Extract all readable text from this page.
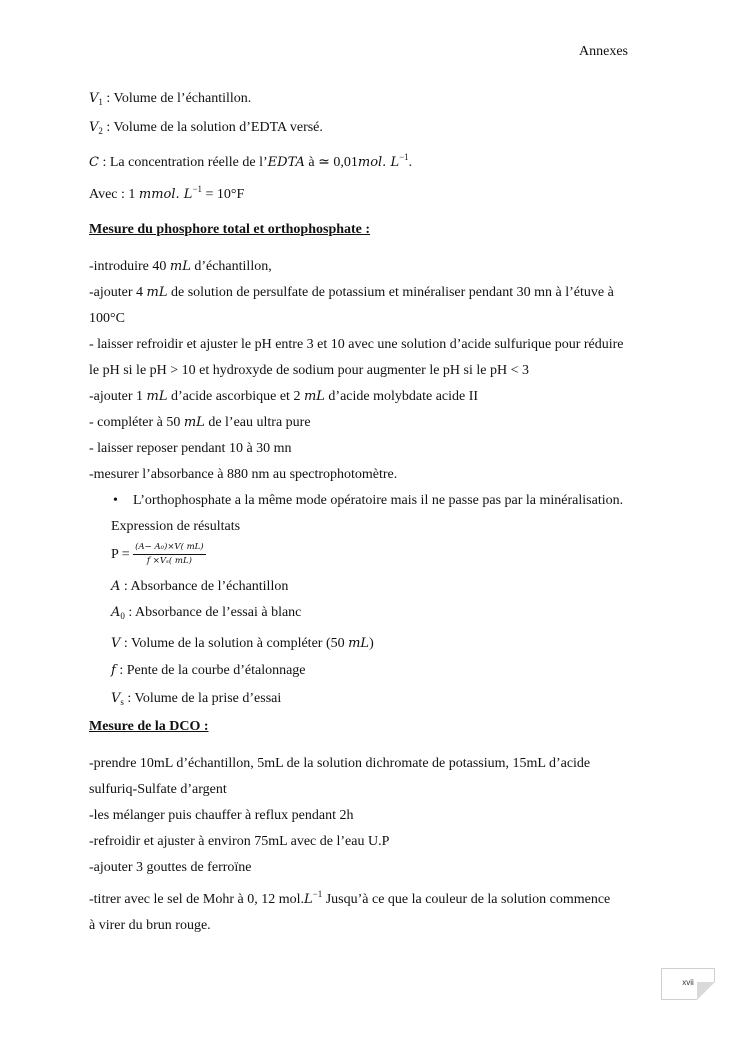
Annexes

$V_1$ : Volume de l’échantillon.

$V_2$ : Volume de la solution d’EDTA versé.

C : La concentration réelle de l’EDTA à ≃ 0,01mol. $L^{-1}$.

Avec : 1 mmol. $L^{-1} = 10^\circ F$

Mesure du phosphore total et orthophosphate :

-introduire 40 mL d’échantillon,

-ajouter 4 mL de solution de persulfate de potassium et minéraliser pendant 30 mn à l’étuve à

100°C

- laisser refroidir et ajuster le pH entre 3 et 10 avec une solution d’acide sulfurique pour réduire

le pH si le pH > 10 et hydroxyde de sodium pour augmenter le pH si le pH < 3

-ajouter 1 mL d’acide ascorbique et 2 mL d’acide molybdate acide II

- compléter à 50 mL de l’eau ultra pure

- laisser reposer pendant 10 à 30 mn

-mesurer l’absorbance à 880 nm au spectrophotomètre.

• L’orthophosphate a la même mode opératoire mais il ne passe pas par la minéralisation.

Expression de résultats

$P = \frac{\text{(A− A₀)×V( mL)}}{\text{f ×Vₛ( mL)}}$

A : Absorbance de l’échantillon

$A_0$ : Absorbance de l’essai à blanc

V : Volume de la solution à compléter (50 mL)

f : Pente de la courbe d’étalonnage

$V_s$ : Volume de la prise d’essai

Mesure de la DCO :

-prendre 10mL d’échantillon, 5mL de la solution dichromate de potassium, 15mL d’acide

sulfuriq-Sulfate d’argent

-les mélanger puis chauffer à reflux pendant 2h

-refroidir et ajuster à environ 75mL avec de l’eau U.P

-ajouter 3 gouttes de ferroïne

-titrer avec le sel de Mohr à 0, 12 $mol.L^{-1}$ Jusqu’à ce que la couleur de la solution commence

à virer du brun rouge.

xvii
